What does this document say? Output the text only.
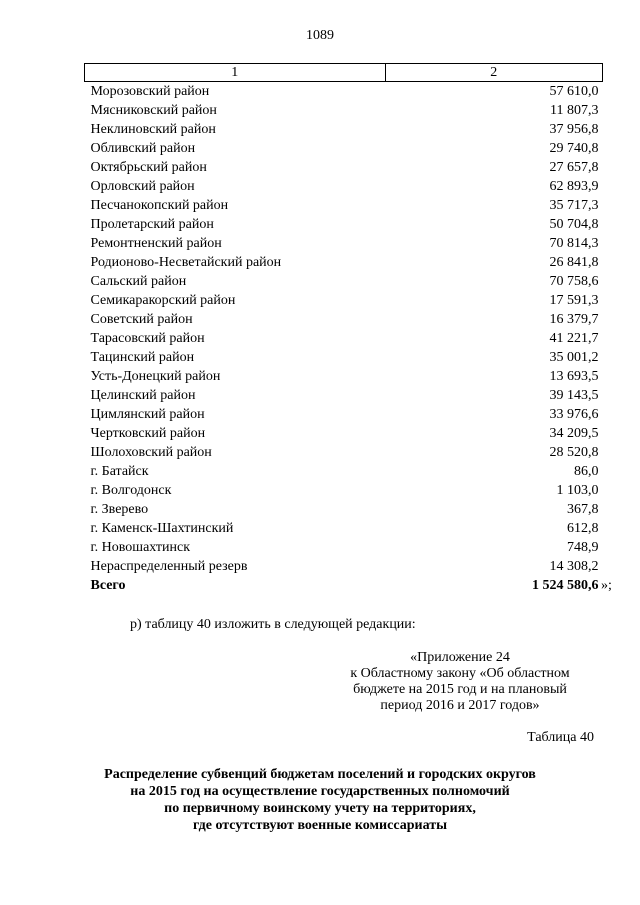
1089
1	2
Морозовский район	57 610,0
Мясниковский район	11 807,3
Неклиновский район	37 956,8
Обливский район	29 740,8
Октябрьский район	27 657,8
Орловский район	62 893,9
Песчанокопский район	35 717,3
Пролетарский район	50 704,8
Ремонтненский район	70 814,3
Родионово-Несветайский район	26 841,8
Сальский район	70 758,6
Семикаракорский район	17 591,3
Советский район	16 379,7
Тарасовский район	41 221,7
Тацинский район	35 001,2
Усть-Донецкий район	13 693,5
Целинский район	39 143,5
Цимлянский район	33 976,6
Чертковский район	34 209,5
Шолоховский район	28 520,8
г. Батайск	86,0
г. Волгодонск	1 103,0
г. Зверево	367,8
г. Каменск-Шахтинский	612,8
г. Новошахтинск	748,9
Нераспределенный резерв	14 308,2
Всего	1 524 580,6 »;
р) таблицу 40 изложить в следующей редакции:
«Приложение 24
к Областному закону «Об областном
бюджете на 2015 год и на плановый
период 2016 и 2017 годов»
Таблица 40
Распределение субвенций бюджетам поселений и городских округов
на 2015 год на осуществление государственных полномочий
по первичному воинскому учету на территориях,
где отсутствуют военные комиссариаты
